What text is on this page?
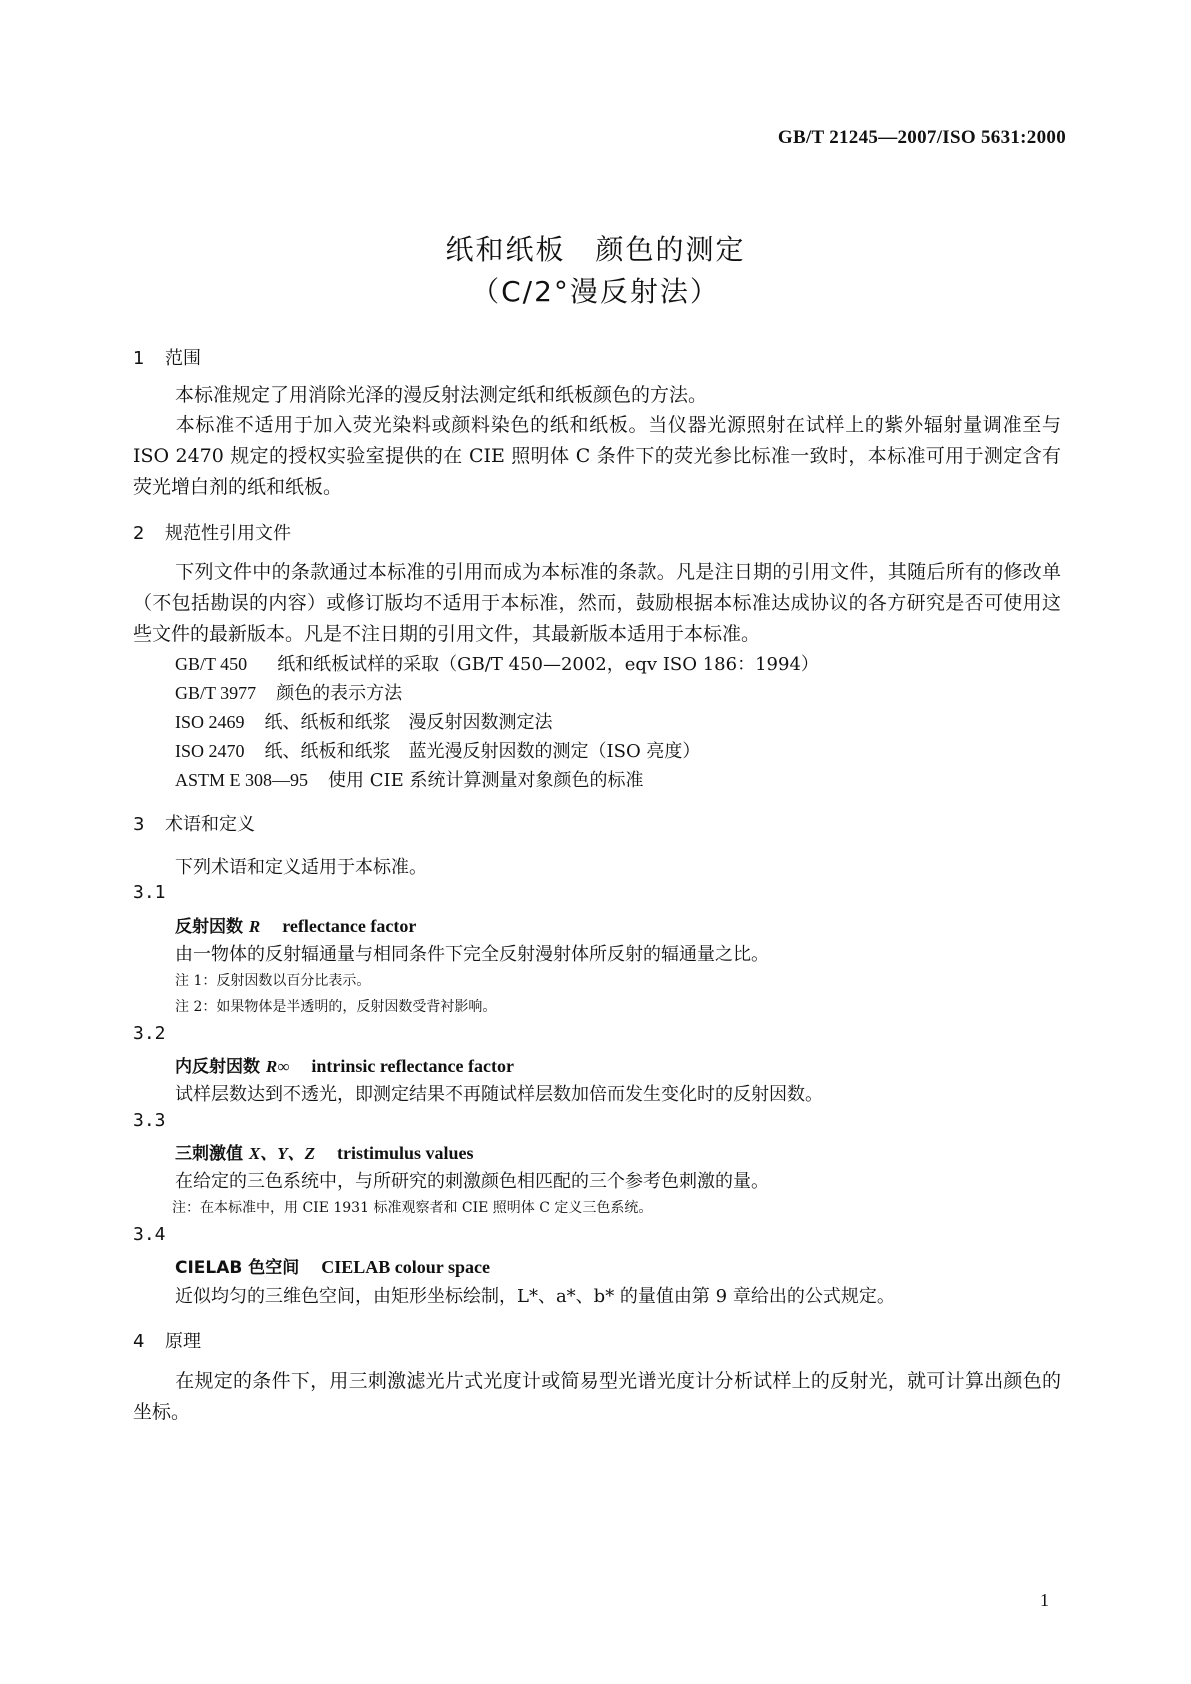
GB/T 21245—2007/ISO 5631:2000
纸和纸板　颜色的测定
（C/2°漫反射法）
1 范围
本标准规定了用消除光泽的漫反射法测定纸和纸板颜色的方法。
本标准不适用于加入荧光染料或颜料染色的纸和纸板。当仪器光源照射在试样上的紫外辐射量调准至与 ISO 2470 规定的授权实验室提供的在 CIE 照明体 C 条件下的荧光参比标准一致时，本标准可用于测定含有荧光增白剂的纸和纸板。
2 规范性引用文件
下列文件中的条款通过本标准的引用而成为本标准的条款。凡是注日期的引用文件，其随后所有的修改单（不包括勘误的内容）或修订版均不适用于本标准，然而，鼓励根据本标准达成协议的各方研究是否可使用这些文件的最新版本。凡是不注日期的引用文件，其最新版本适用于本标准。
GB/T 450 纸和纸板试样的采取（GB/T 450—2002，eqv ISO 186：1994）
GB/T 3977 颜色的表示方法
ISO 2469 纸、纸板和纸浆　漫反射因数测定法
ISO 2470 纸、纸板和纸浆　蓝光漫反射因数的测定（ISO 亮度）
ASTM E 308—95 使用 CIE 系统计算测量对象颜色的标准
3 术语和定义
下列术语和定义适用于本标准。
3.1
反射因数 R reflectance factor
由一物体的反射辐通量与相同条件下完全反射漫射体所反射的辐通量之比。
注 1：反射因数以百分比表示。
注 2：如果物体是半透明的，反射因数受背衬影响。
3.2
内反射因数 R∞ intrinsic reflectance factor
试样层数达到不透光，即测定结果不再随试样层数加倍而发生变化时的反射因数。
3.3
三刺激值 X、Y、Z tristimulus values
在给定的三色系统中，与所研究的刺激颜色相匹配的三个参考色刺激的量。
注：在本标准中，用 CIE 1931 标准观察者和 CIE 照明体 C 定义三色系统。
3.4
CIELAB 色空间 CIELAB colour space
近似均匀的三维色空间，由矩形坐标绘制，L*、a*、b* 的量值由第 9 章给出的公式规定。
4 原理
在规定的条件下，用三刺激滤光片式光度计或简易型光谱光度计分析试样上的反射光，就可计算出颜色的坐标。
1
